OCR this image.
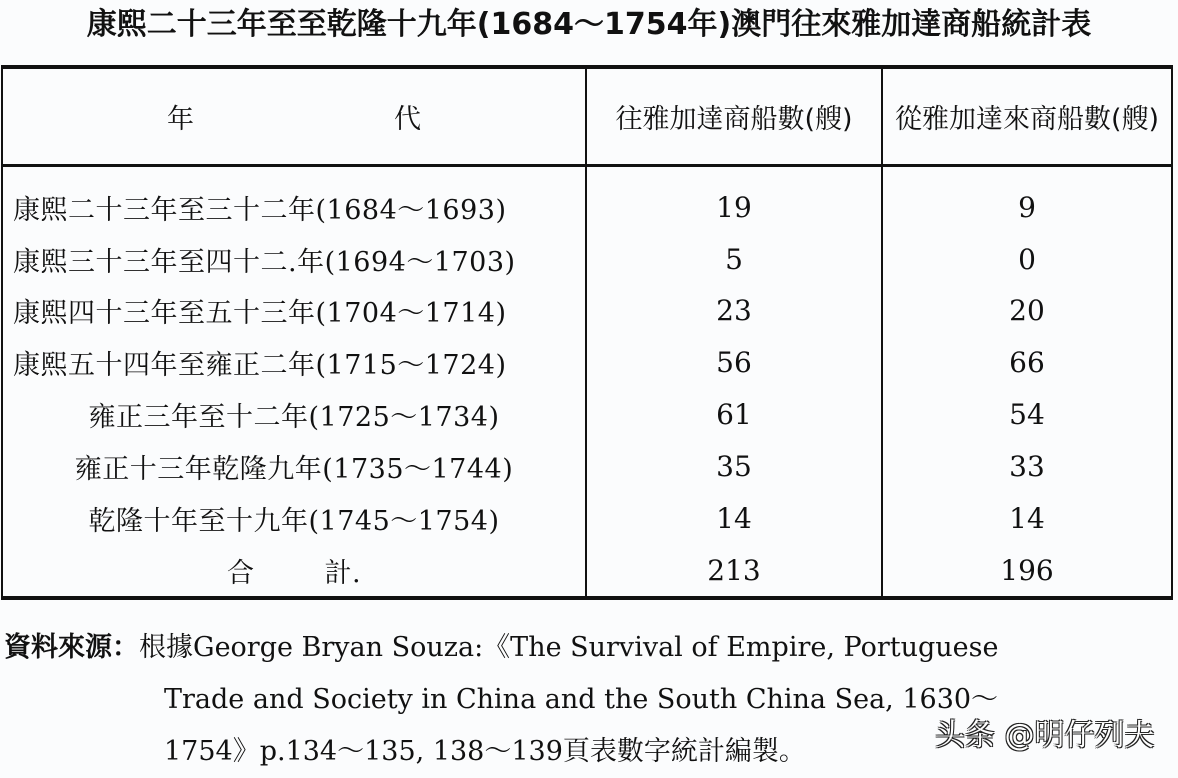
康熙二十三年至至乾隆十九年(1684～1754年)澳門往來雅加達商船統計表
年 代	往雅加達商船數(艘)	從雅加達來商船數(艘)
康熙二十三年至三十二年(1684～1693)	19	9
康熙三十三年至四十二.年(1694～1703)	5	0
康熙四十三年至五十三年(1704～1714)	23	20
康熙五十四年至雍正二年(1715～1724)	56	66
雍正三年至十二年(1725～1734)	61	54
雍正十三年乾隆九年(1735～1744)	35	33
乾隆十年至十九年(1745～1754)	14	14
合 計.	213	196
資料來源：根據George Bryan Souza:《The Survival of Empire, Portuguese
Trade and Society in China and the South China Sea, 1630～
1754》p.134～135, 138～139頁表數字統計編製。	头条 @明仔列夫
